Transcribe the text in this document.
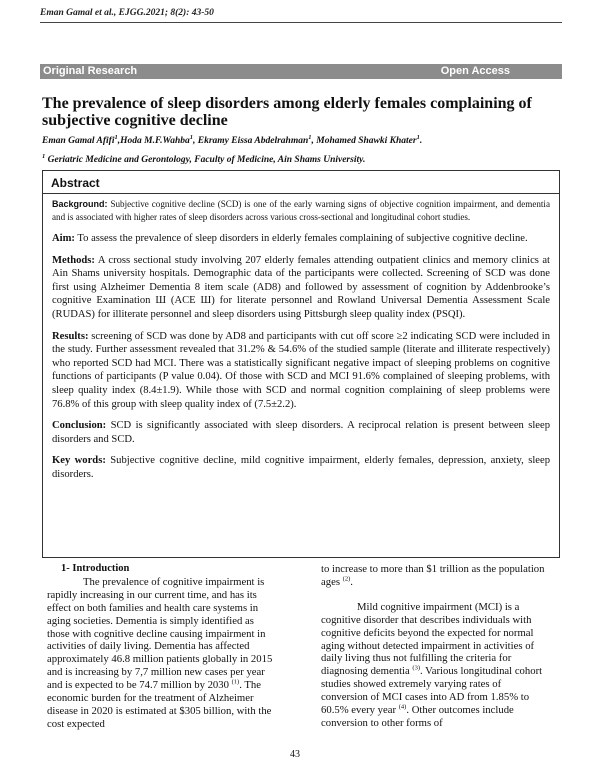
Eman Gamal et al., EJGG.2021; 8(2): 43-50
Original Research	Open Access
The prevalence of sleep disorders among elderly females complaining of
subjective cognitive decline
Eman Gamal Afifi$^1$,Hoda M.F.Wahba$^1$, Ekramy Eissa Abdelrahman$^1$, Mohamed Shawki Khater$^1$.
$^1$ Geriatric Medicine and Gerontology, Faculty of Medicine, Ain Shams University.
Abstract

Background: Subjective cognitive decline (SCD) is one of the early warning signs of objective cognition impairment, and dementia and is associated with higher rates of sleep disorders across various cross-sectional and longitudinal cohort studies.

Aim: To assess the prevalence of sleep disorders in elderly females complaining of subjective cognitive decline.

Methods: A cross sectional study involving 207 elderly females attending outpatient clinics and memory clinics at Ain Shams university hospitals. Demographic data of the participants were collected. Screening of SCD was done first using Alzheimer Dementia 8 item scale (AD8) and followed by assessment of cognition by Addenbrooke’s cognitive Examination Ш (ACE Ш) for literate personnel and Rowland Universal Dementia Assessment Scale (RUDAS) for illiterate personnel and sleep disorders using Pittsburgh sleep quality index (PSQI).

Results: screening of SCD was done by AD8 and participants with cut off score ≥2 indicating SCD were included in the study. Further assessment revealed that 31.2% & 54.6% of the studied sample (literate and illiterate respectively) who reported SCD had MCI. There was a statistically significant negative impact of sleeping problems on cognitive functions of participants (P value 0.04). Of those with SCD and MCI 91.6% complained of sleeping problems, with sleep quality index (8.4±1.9). While those with SCD and normal cognition complaining of sleep problems were 76.8% of this group with sleep quality index of (7.5±2.2).

Conclusion: SCD is significantly associated with sleep disorders. A reciprocal relation is present between sleep disorders and SCD.

Key words: Subjective cognitive decline, mild cognitive impairment, elderly females, depression, anxiety, sleep disorders.

1- Introduction

The prevalence of cognitive impairment is rapidly increasing in our current time, and has its effect on both families and health care systems in aging societies. Dementia is simply identified as those with cognitive decline causing impairment in activities of daily living. Dementia has affected approximately 46.8 million patients globally in 2015 and is increasing by 7,7 million new cases per year and is expected to be 74.7 million by 2030 $^{(1)}$. The economic burden for the treatment of Alzheimer disease in 2020 is estimated at $305 billion, with the cost expected

to increase to more than $1 trillion as the population ages $^{(2)}$.

Mild cognitive impairment (MCI) is a cognitive disorder that describes individuals with cognitive deficits beyond the expected for normal aging without detected impairment in activities of daily living thus not fulfilling the criteria for diagnosing dementia $^{(3)}$. Various longitudinal cohort studies showed extremely varying rates of conversion of MCI cases into AD from 1.85% to 60.5% every year $^{(4)}$. Other outcomes include conversion to other forms of

43
